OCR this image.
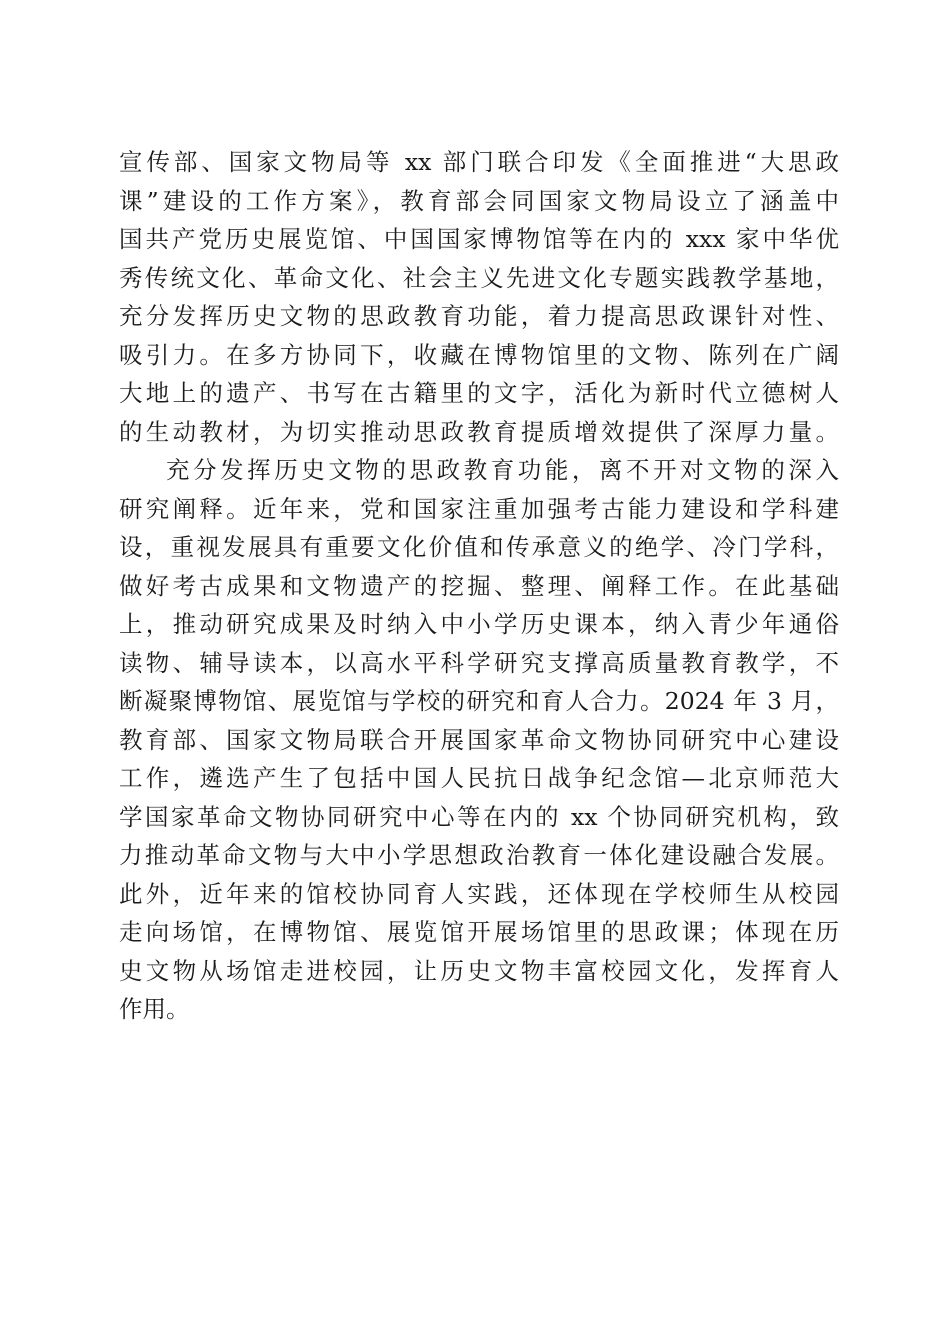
宣传部、国家文物局等 xx 部门联合印发《全面推进“大思政
课”建设的工作方案》，教育部会同国家文物局设立了涵盖中
国共产党历史展览馆、中国国家博物馆等在内的 xxx 家中华优
秀传统文化、革命文化、社会主义先进文化专题实践教学基地，
充分发挥历史文物的思政教育功能，着力提高思政课针对性、
吸引力。在多方协同下，收藏在博物馆里的文物、陈列在广阔
大地上的遗产、书写在古籍里的文字，活化为新时代立德树人
的生动教材，为切实推动思政教育提质增效提供了深厚力量。
充分发挥历史文物的思政教育功能，离不开对文物的深入
研究阐释。近年来，党和国家注重加强考古能力建设和学科建
设，重视发展具有重要文化价值和传承意义的绝学、冷门学科，
做好考古成果和文物遗产的挖掘、整理、阐释工作。在此基础
上，推动研究成果及时纳入中小学历史课本，纳入青少年通俗
读物、辅导读本，以高水平科学研究支撑高质量教育教学，不
断凝聚博物馆、展览馆与学校的研究和育人合力。2024 年 3 月，
教育部、国家文物局联合开展国家革命文物协同研究中心建设
工作，遴选产生了包括中国人民抗日战争纪念馆—北京师范大
学国家革命文物协同研究中心等在内的 xx 个协同研究机构，致
力推动革命文物与大中小学思想政治教育一体化建设融合发展。
此外，近年来的馆校协同育人实践，还体现在学校师生从校园
走向场馆，在博物馆、展览馆开展场馆里的思政课；体现在历
史文物从场馆走进校园，让历史文物丰富校园文化，发挥育人
作用。
